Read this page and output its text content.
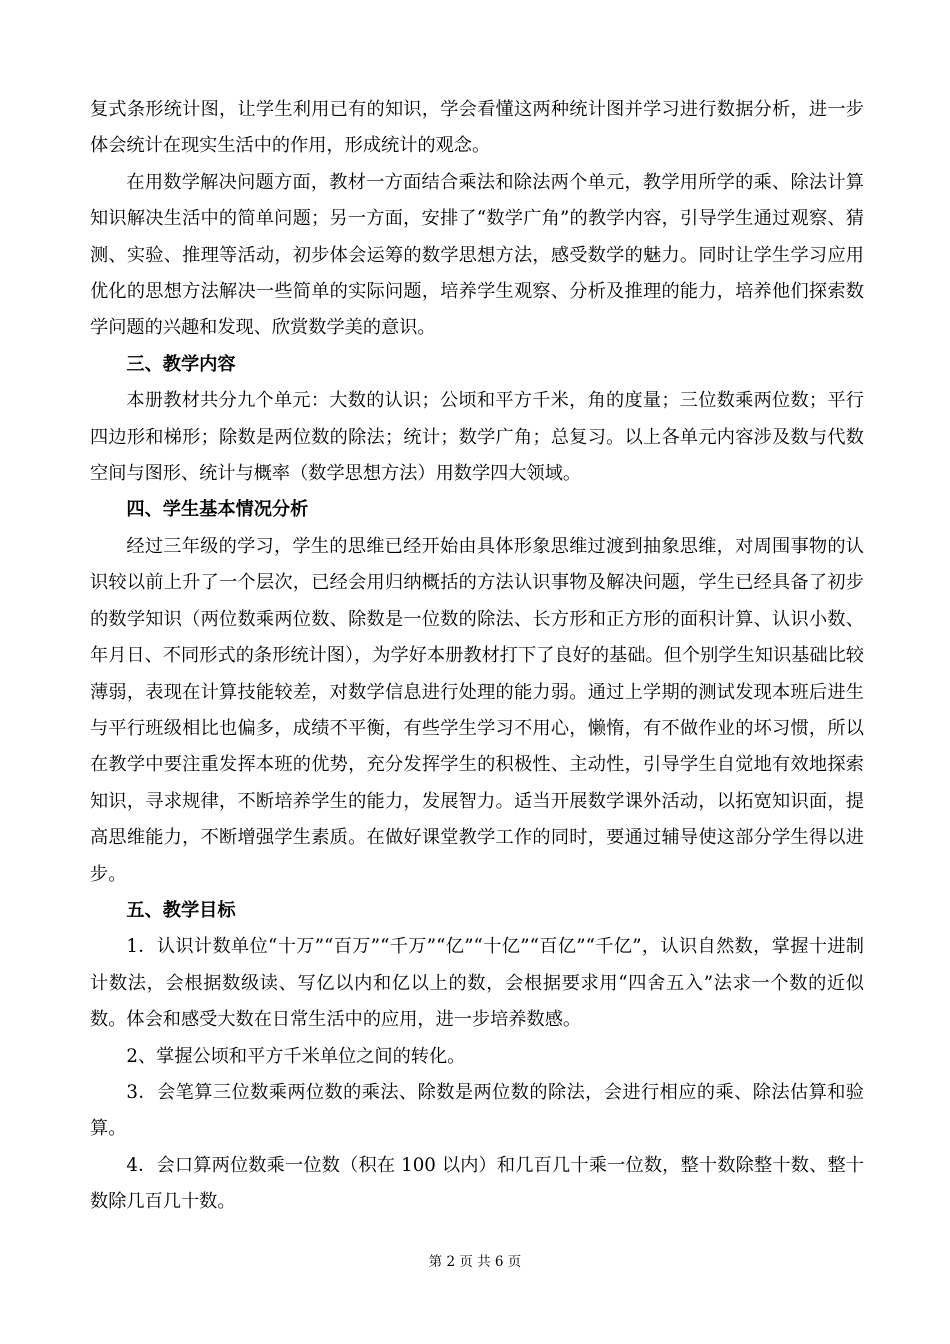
复式条形统计图，让学生利用已有的知识，学会看懂这两种统计图并学习进行数据分析，进一步体会统计在现实生活中的作用，形成统计的观念。

在用数学解决问题方面，教材一方面结合乘法和除法两个单元，教学用所学的乘、除法计算知识解决生活中的简单问题；另一方面，安排了“数学广角”的教学内容，引导学生通过观察、猜测、实验、推理等活动，初步体会运筹的数学思想方法，感受数学的魅力。同时让学生学习应用优化的思想方法解决一些简单的实际问题，培养学生观察、分析及推理的能力，培养他们探索数学问题的兴趣和发现、欣赏数学美的意识。

三、教学内容

本册教材共分九个单元：大数的认识；公顷和平方千米，角的度量；三位数乘两位数；平行四边形和梯形；除数是两位数的除法；统计；数学广角；总复习。以上各单元内容涉及数与代数空间与图形、统计与概率（数学思想方法）用数学四大领域。

四、学生基本情况分析

经过三年级的学习，学生的思维已经开始由具体形象思维过渡到抽象思维，对周围事物的认识较以前上升了一个层次，已经会用归纳概括的方法认识事物及解决问题，学生已经具备了初步的数学知识（两位数乘两位数、除数是一位数的除法、长方形和正方形的面积计算、认识小数、年月日、不同形式的条形统计图），为学好本册教材打下了良好的基础。但个别学生知识基础比较薄弱，表现在计算技能较差，对数学信息进行处理的能力弱。通过上学期的测试发现本班后进生与平行班级相比也偏多，成绩不平衡，有些学生学习不用心，懒惰，有不做作业的坏习惯，所以在教学中要注重发挥本班的优势，充分发挥学生的积极性、主动性，引导学生自觉地有效地探索知识，寻求规律，不断培养学生的能力，发展智力。适当开展数学课外活动，以拓宽知识面，提高思维能力，不断增强学生素质。在做好课堂教学工作的同时，要通过辅导使这部分学生得以进步。

五、教学目标

1．认识计数单位“十万”“百万”“千万”“亿”“十亿”“百亿”“千亿”，认识自然数，掌握十进制计数法，会根据数级读、写亿以内和亿以上的数，会根据要求用“四舍五入”法求一个数的近似数。体会和感受大数在日常生活中的应用，进一步培养数感。

2、掌握公顷和平方千米单位之间的转化。

3．会笔算三位数乘两位数的乘法、除数是两位数的除法，会进行相应的乘、除法估算和验算。

4．会口算两位数乘一位数（积在 100 以内）和几百几十乘一位数，整十数除整十数、整十数除几百几十数。

第 2 页 共 6 页
